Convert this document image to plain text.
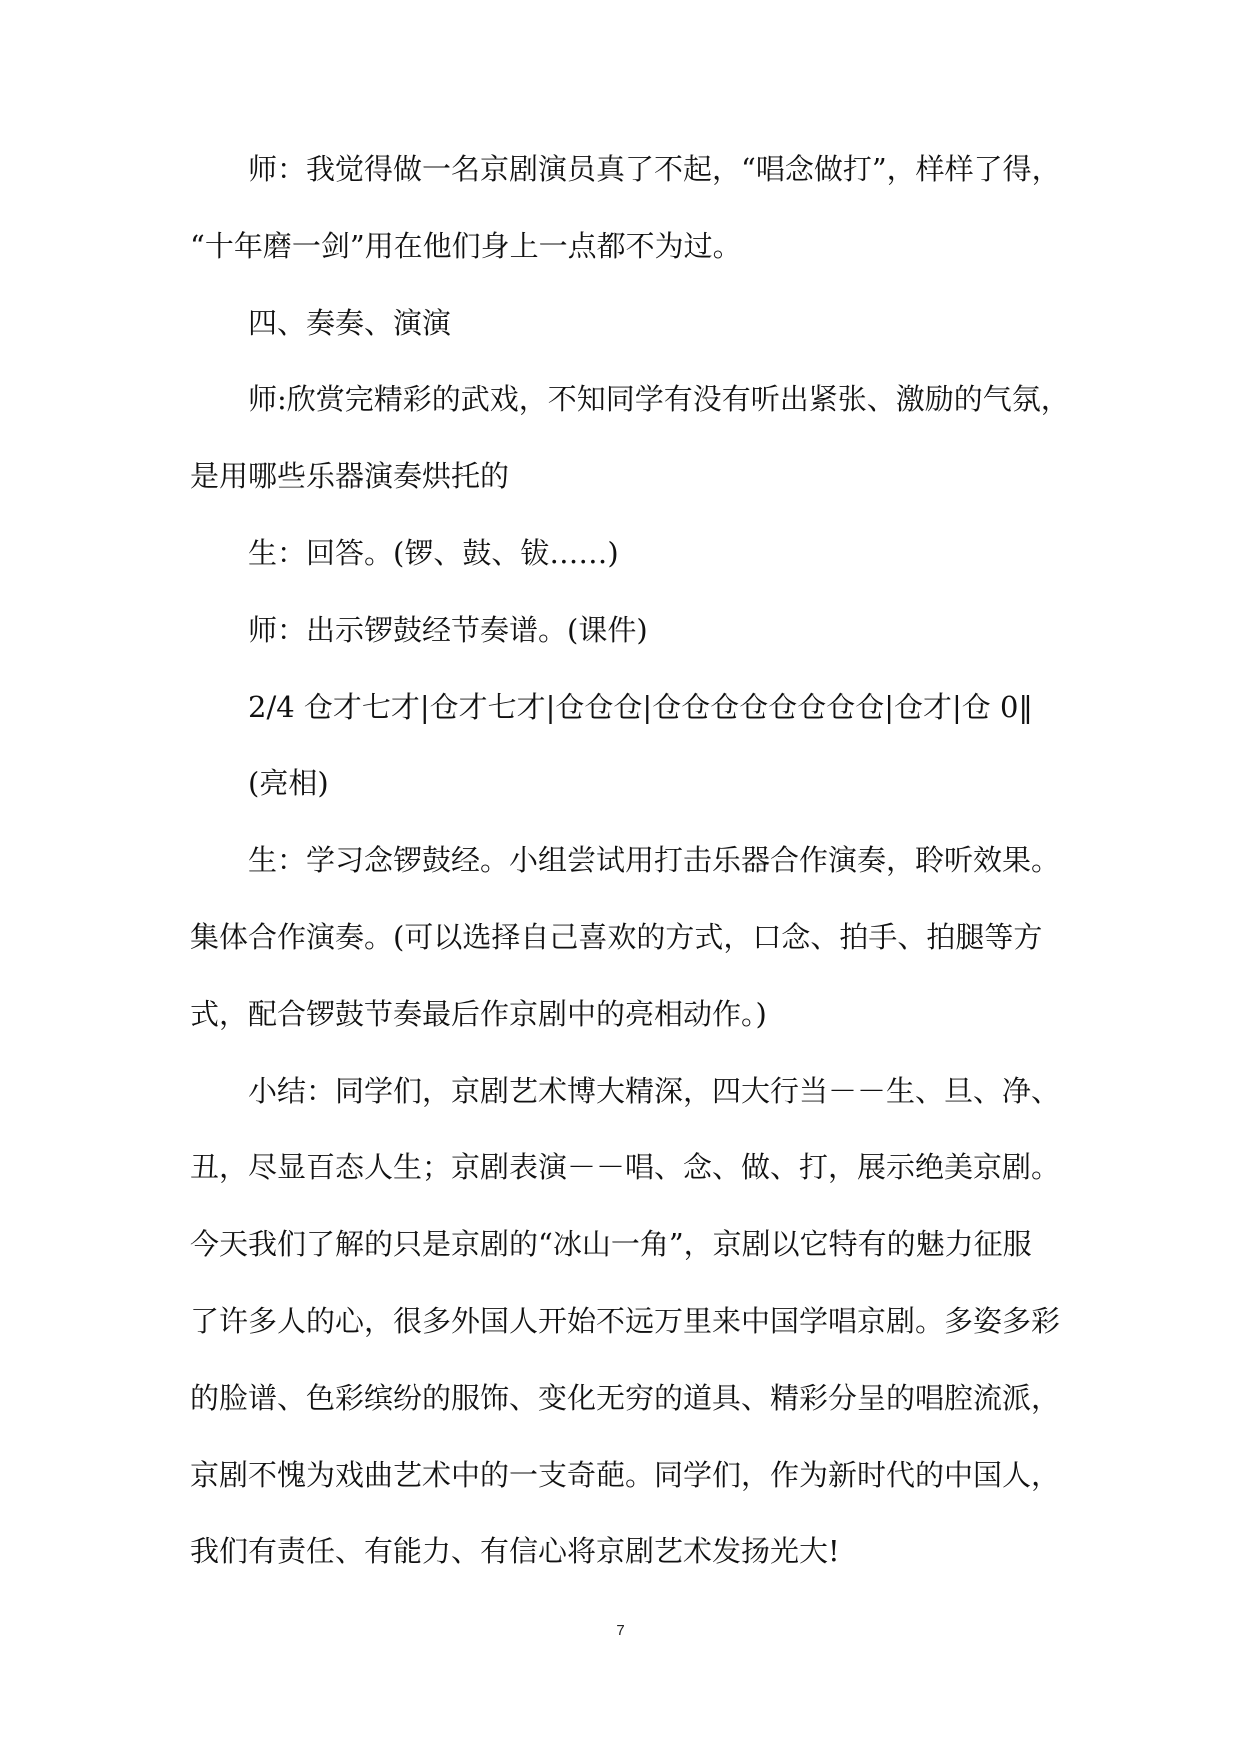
师：我觉得做一名京剧演员真了不起，“唱念做打”，样样了得，
“十年磨一剑”用在他们身上一点都不为过。
四、奏奏、演演
师:欣赏完精彩的武戏，不知同学有没有听出紧张、激励的气氛，
是用哪些乐器演奏烘托的
生：回答。(锣、鼓、钹……)
师：出示锣鼓经节奏谱。(课件)
2/4 仓才七才|仓才七才|仓仓仓|仓仓仓仓仓仓仓仓|仓才|仓 0‖
(亮相)
生：学习念锣鼓经。小组尝试用打击乐器合作演奏，聆听效果。
集体合作演奏。(可以选择自己喜欢的方式，口念、拍手、拍腿等方
式，配合锣鼓节奏最后作京剧中的亮相动作。)
小结：同学们，京剧艺术博大精深，四大行当－－生、旦、净、
丑，尽显百态人生；京剧表演－－唱、念、做、打，展示绝美京剧。
今天我们了解的只是京剧的“冰山一角”，京剧以它特有的魅力征服
了许多人的心，很多外国人开始不远万里来中国学唱京剧。多姿多彩
的脸谱、色彩缤纷的服饰、变化无穷的道具、精彩分呈的唱腔流派，
京剧不愧为戏曲艺术中的一支奇葩。同学们，作为新时代的中国人，
我们有责任、有能力、有信心将京剧艺术发扬光大!
7
